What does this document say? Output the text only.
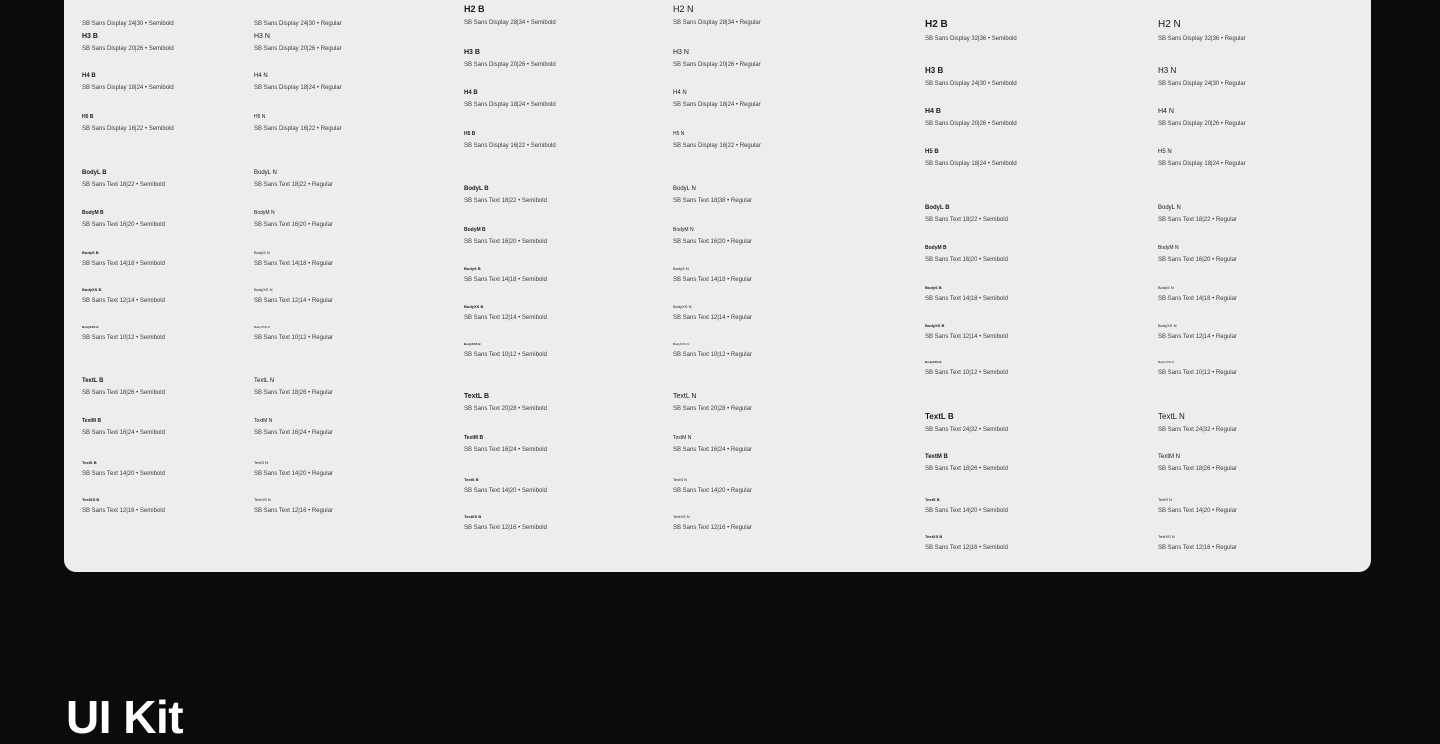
SB Sans Display 24|30 • Semibold
H3 B
SB Sans Display 20|26 • Semibold
H4 B
SB Sans Display 18|24 • Semibold
H5 B
SB Sans Display 16|22 • Semibold
BodyL B
SB Sans Text 18|22 • Semibold
BodyM B
SB Sans Text 16|20 • Semibold
BodyS B
SB Sans Text 14|18 • Semibold
BodyXS B
SB Sans Text 12|14 • Semibold
BodyXXS B
SB Sans Text 10|12 • Semibold
TextL B
SB Sans Text 18|26 • Semibold
TextM B
SB Sans Text 16|24 • Semibold
TextS B
SB Sans Text 14|20 • Semibold
TextXS B
SB Sans Text 12|16 • Semibold
SB Sans Display 24|30 • Regular
H3 N
SB Sans Display 20|26 • Regular
H4 N
SB Sans Display 18|24 • Regular
H5 N
SB Sans Display 16|22 • Regular
BodyL N
SB Sans Text 18|22 • Regular
BodyM N
SB Sans Text 16|20 • Regular
BodyS N
SB Sans Text 14|18 • Regular
BodyXS N
SB Sans Text 12|14 • Regular
BodyXXS N
SB Sans Text 10|12 • Regular
TextL N
SB Sans Text 18|26 • Regular
TextM N
SB Sans Text 16|24 • Regular
TextS N
SB Sans Text 14|20 • Regular
TextXS N
SB Sans Text 12|16 • Regular
H2 B
SB Sans Display 28|34 • Semibold
H3 B
SB Sans Display 20|26 • Semibold
H4 B
SB Sans Display 18|24 • Semibold
H5 B
SB Sans Display 16|22 • Semibold
BodyL B
SB Sans Text 18|22 • Semibold
BodyM B
SB Sans Text 16|20 • Semibold
BodyS B
SB Sans Text 14|18 • Semibold
BodyXS B
SB Sans Text 12|14 • Semibold
BodyXXS B
SB Sans Text 10|12 • Semibold
TextL B
SB Sans Text 20|28 • Semibold
TextM B
SB Sans Text 16|24 • Semibold
TextS B
SB Sans Text 14|20 • Semibold
TextXS B
SB Sans Text 12|16 • Semibold
H2 N
SB Sans Display 28|34 • Regular
H3 N
SB Sans Display 20|26 • Regular
H4 N
SB Sans Display 18|24 • Regular
H5 N
SB Sans Display 16|22 • Regular
BodyL N
SB Sans Text 18|38 • Regular
BodyM N
SB Sans Text 16|20 • Regular
BodyS N
SB Sans Text 14|18 • Regular
BodyXS N
SB Sans Text 12|14 • Regular
BodyXXS N
SB Sans Text 10|12 • Regular
TextL N
SB Sans Text 20|28 • Regular
TextM N
SB Sans Text 16|24 • Regular
TextS N
SB Sans Text 14|20 • Regular
TextXS N
SB Sans Text 12|16 • Regular
H2 B
SB Sans Display 32|36 • Semibold
H3 B
SB Sans Display 24|30 • Semibold
H4 B
SB Sans Display 20|26 • Semibold
H5 B
SB Sans Display 18|24 • Semibold
BodyL B
SB Sans Text 18|22 • Semibold
BodyM B
SB Sans Text 16|20 • Semibold
BodyS B
SB Sans Text 14|18 • Semibold
BodyXS B
SB Sans Text 12|14 • Semibold
BodyXXS B
SB Sans Text 10|12 • Semibold
TextL B
SB Sans Text 24|32 • Semibold
TextM B
SB Sans Text 18|26 • Semibold
TextS B
SB Sans Text 14|20 • Semibold
TextXS B
SB Sans Text 12|16 • Semibold
H2 N
SB Sans Display 32|36 • Regular
H3 N
SB Sans Display 24|30 • Regular
H4 N
SB Sans Display 20|26 • Regular
H5 N
SB Sans Display 18|24 • Regular
BodyL N
SB Sans Text 18|22 • Regular
BodyM N
SB Sans Text 16|20 • Regular
BodyS N
SB Sans Text 14|18 • Regular
BodyXS N
SB Sans Text 12|14 • Regular
BodyXXS N
SB Sans Text 10|12 • Regular
TextL N
SB Sans Text 24|32 • Regular
TextM N
SB Sans Text 18|26 • Regular
TextS N
SB Sans Text 14|20 • Regular
TextXS N
SB Sans Text 12|16 • Regular
UI Kit
